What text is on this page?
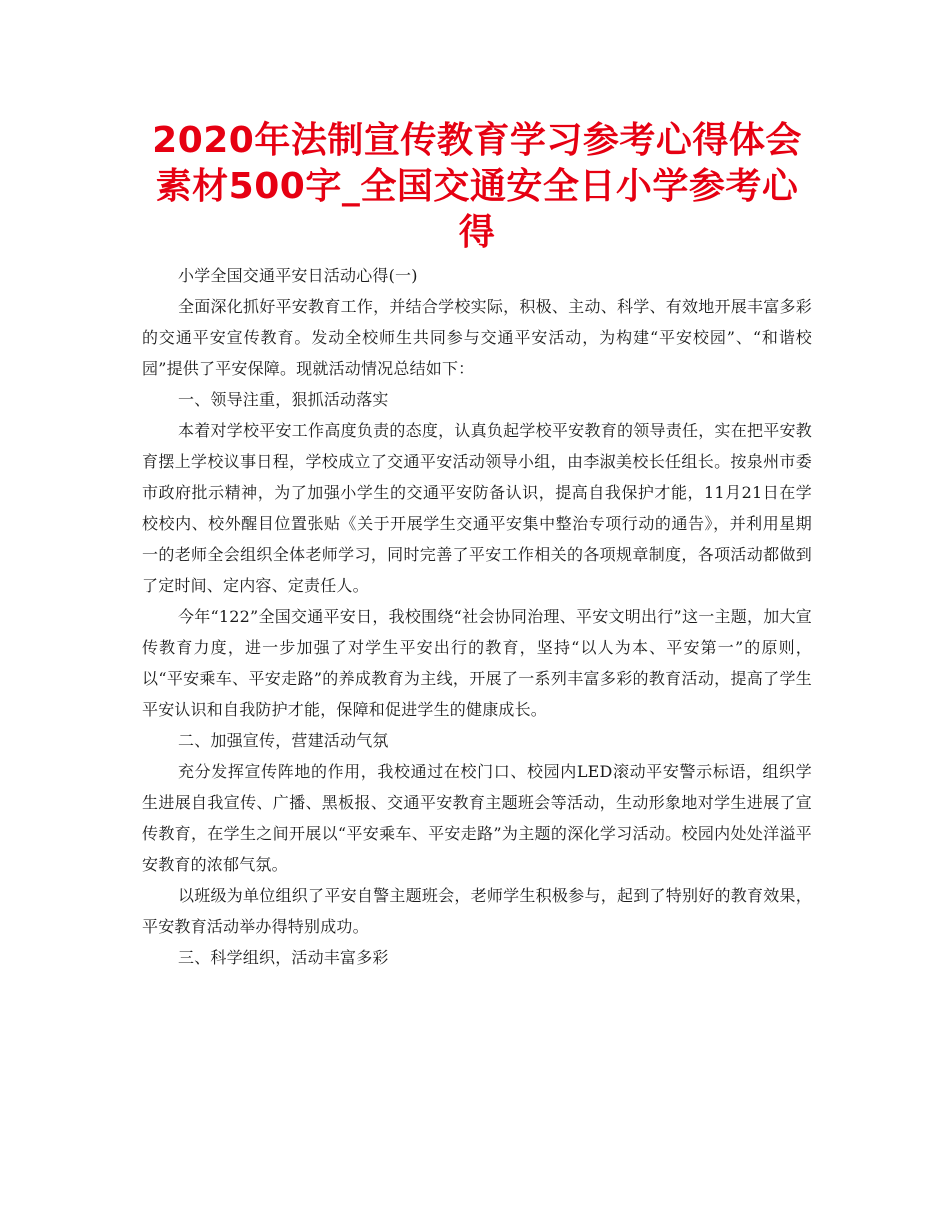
2020年法制宣传教育学习参考心得体会素材500字_全国交通安全日小学参考心得

小学全国交通平安日活动心得(一)

全面深化抓好平安教育工作，并结合学校实际，积极、主动、科学、有效地开展丰富多彩的交通平安宣传教育。发动全校师生共同参与交通平安活动，为构建“平安校园”、“和谐校园”提供了平安保障。现就活动情况总结如下：

一、领导注重，狠抓活动落实

本着对学校平安工作高度负责的态度，认真负起学校平安教育的领导责任，实在把平安教育摆上学校议事日程，学校成立了交通平安活动领导小组，由李淑美校长任组长。按泉州市委市政府批示精神，为了加强小学生的交通平安防备认识，提高自我保护才能，11月21日在学校校内、校外醒目位置张贴《关于开展学生交通平安集中整治专项行动的通告》，并利用星期一的老师全会组织全体老师学习，同时完善了平安工作相关的各项规章制度，各项活动都做到了定时间、定内容、定责任人。

今年“122”全国交通平安日，我校围绕“社会协同治理、平安文明出行”这一主题，加大宣传教育力度，进一步加强了对学生平安出行的教育，坚持“以人为本、平安第一”的原则，以“平安乘车、平安走路”的养成教育为主线，开展了一系列丰富多彩的教育活动，提高了学生平安认识和自我防护才能，保障和促进学生的健康成长。

二、加强宣传，营建活动气氛

充分发挥宣传阵地的作用，我校通过在校门口、校园内LED滚动平安警示标语，组织学生进展自我宣传、广播、黑板报、交通平安教育主题班会等活动，生动形象地对学生进展了宣传教育，在学生之间开展以“平安乘车、平安走路”为主题的深化学习活动。校园内处处洋溢平安教育的浓郁气氛。

以班级为单位组织了平安自警主题班会，老师学生积极参与，起到了特别好的教育效果，平安教育活动举办得特别成功。

三、科学组织，活动丰富多彩
